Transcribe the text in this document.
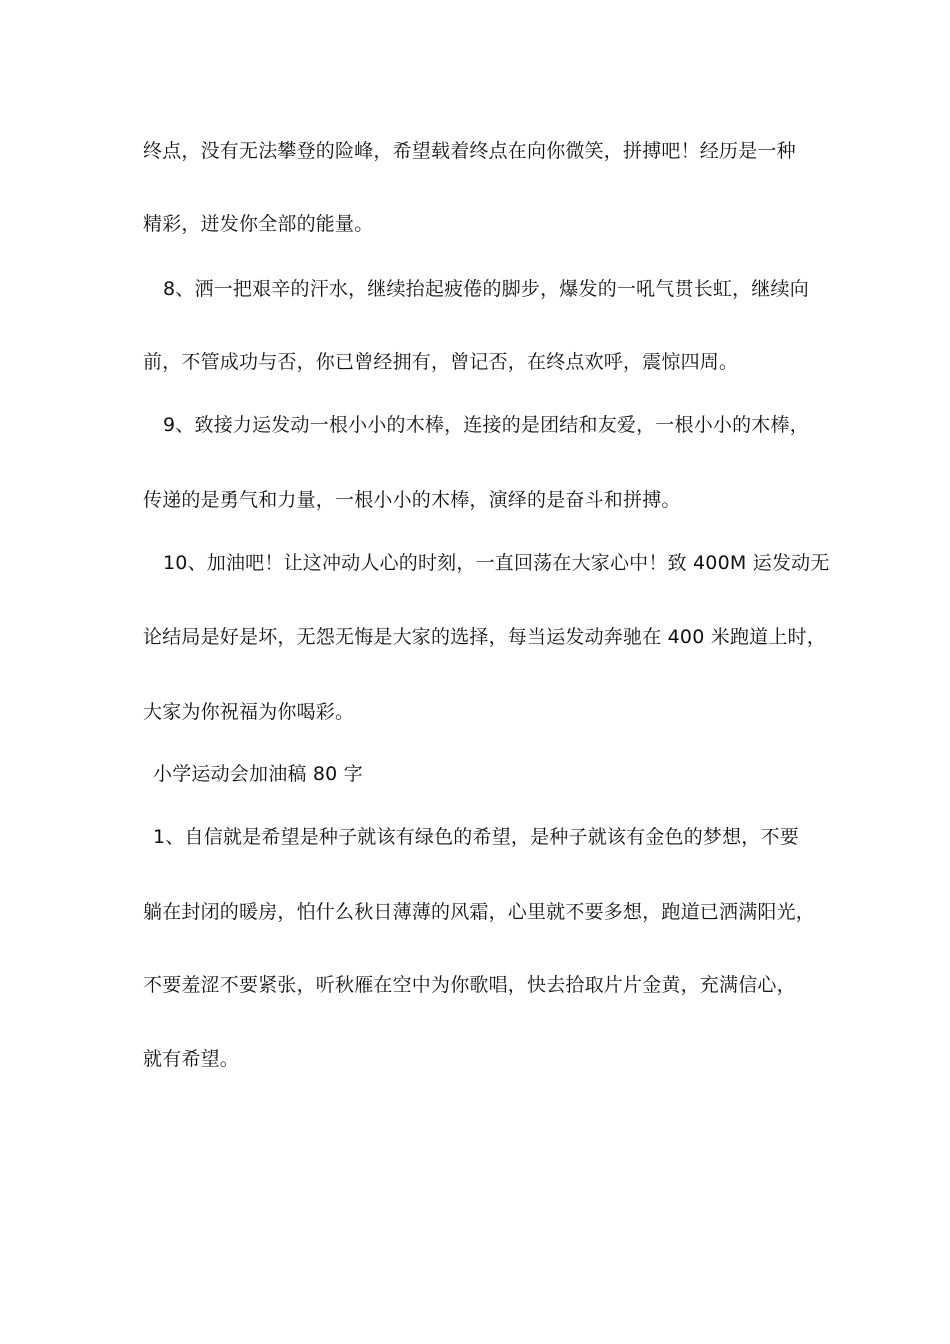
终点，没有无法攀登的险峰，希望载着终点在向你微笑，拼搏吧！经历是一种
精彩，迸发你全部的能量。
8、洒一把艰辛的汗水，继续抬起疲倦的脚步，爆发的一吼气贯长虹，继续向
前，不管成功与否，你已曾经拥有，曾记否，在终点欢呼，震惊四周。
9、致接力运发动一根小小的木棒，连接的是团结和友爱，一根小小的木棒，
传递的是勇气和力量，一根小小的木棒，演绎的是奋斗和拼搏。
10、加油吧！让这冲动人心的时刻，一直回荡在大家心中！致 400M 运发动无
论结局是好是坏，无怨无悔是大家的选择，每当运发动奔驰在 400 米跑道上时，
大家为你祝福为你喝彩。
小学运动会加油稿 80 字
1、自信就是希望是种子就该有绿色的希望，是种子就该有金色的梦想，不要
躺在封闭的暖房，怕什么秋日薄薄的风霜，心里就不要多想，跑道已洒满阳光，
不要羞涩不要紧张，听秋雁在空中为你歌唱，快去拾取片片金黄，充满信心，
就有希望。
